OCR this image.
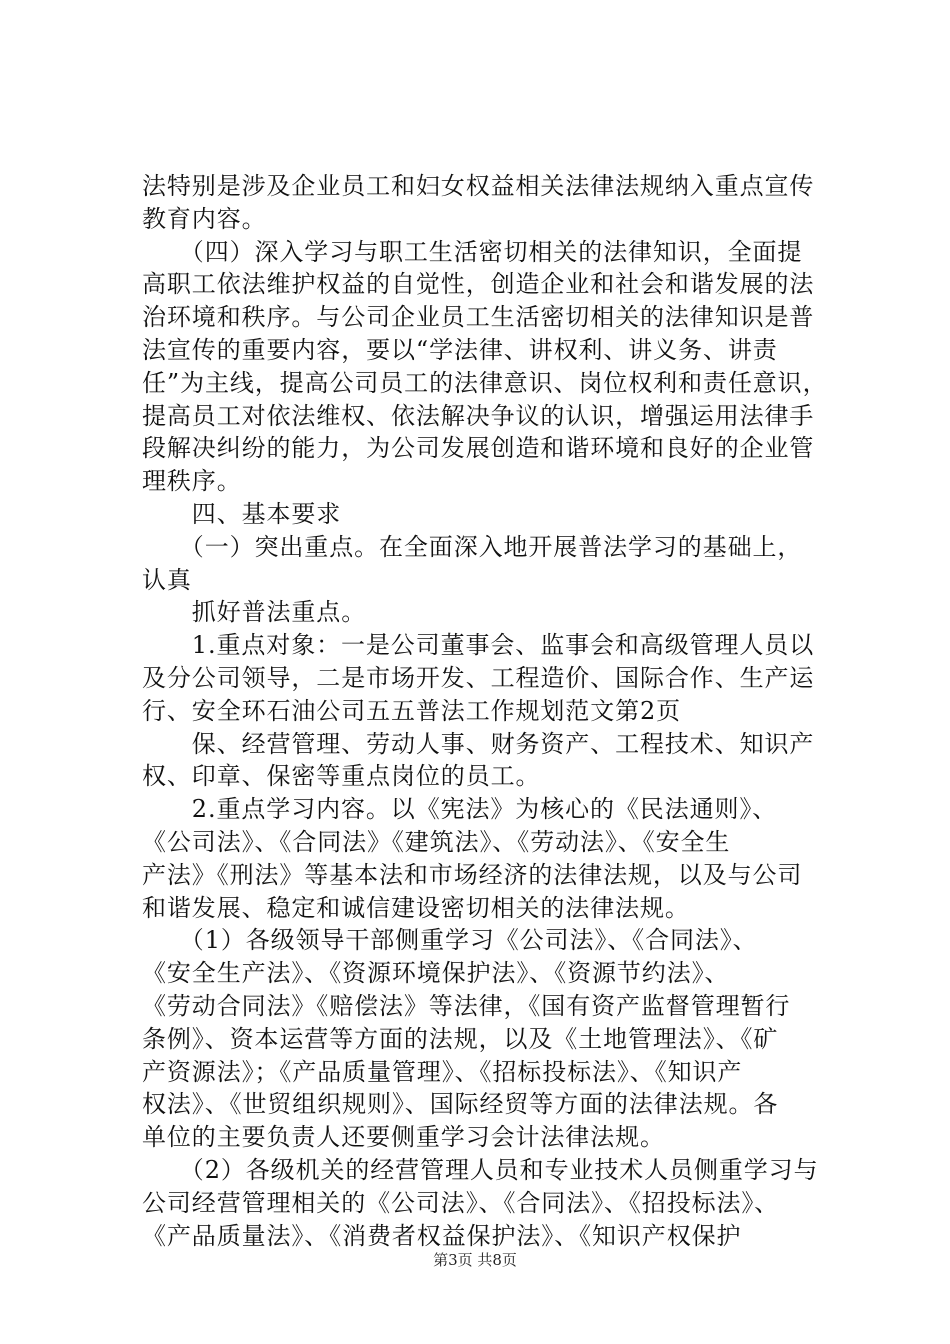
法特别是涉及企业员工和妇女权益相关法律法规纳入重点宣传
教育内容。
　　（四）深入学习与职工生活密切相关的法律知识，全面提
高职工依法维护权益的自觉性，创造企业和社会和谐发展的法
治环境和秩序。与公司企业员工生活密切相关的法律知识是普
法宣传的重要内容，要以“学法律、讲权利、讲义务、讲责
任”为主线，提高公司员工的法律意识、岗位权利和责任意识，
提高员工对依法维权、依法解决争议的认识，增强运用法律手
段解决纠纷的能力，为公司发展创造和谐环境和良好的企业管
理秩序。
　　四、基本要求
　　（一）突出重点。在全面深入地开展普法学习的基础上，
认真
　　抓好普法重点。
　　1.重点对象：一是公司董事会、监事会和高级管理人员以
及分公司领导，二是市场开发、工程造价、国际合作、生产运
行、安全环石油公司五五普法工作规划范文第2页
　　保、经营管理、劳动人事、财务资产、工程技术、知识产
权、印章、保密等重点岗位的员工。
　　2.重点学习内容。以《宪法》为核心的《民法通则》、
《公司法》、《合同法》《建筑法》、《劳动法》、《安全生
产法》《刑法》等基本法和市场经济的法律法规，以及与公司
和谐发展、稳定和诚信建设密切相关的法律法规。
　　（1）各级领导干部侧重学习《公司法》、《合同法》、
《安全生产法》、《资源环境保护法》、《资源节约法》、
《劳动合同法》《赔偿法》等法律，《国有资产监督管理暂行
条例》、资本运营等方面的法规，以及《土地管理法》、《矿
产资源法》；《产品质量管理》、《招标投标法》、《知识产
权法》、《世贸组织规则》、国际经贸等方面的法律法规。各
单位的主要负责人还要侧重学习会计法律法规。
　　（2）各级机关的经营管理人员和专业技术人员侧重学习与
公司经营管理相关的《公司法》、《合同法》、《招投标法》、
《产品质量法》、《消费者权益保护法》、《知识产权保护
第3页 共8页
